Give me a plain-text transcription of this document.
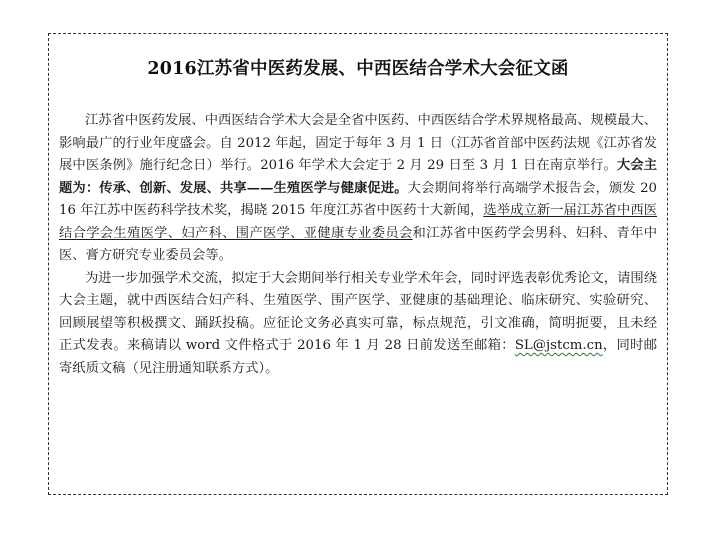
2016江苏省中医药发展、中西医结合学术大会征文函

江苏省中医药发展、中西医结合学术大会是全省中医药、中西医结合学术界规格最高、规模最大、影响最广的行业年度盛会。自 2012 年起，固定于每年 3 月 1 日（江苏省首部中医药法规《江苏省发展中医条例》施行纪念日）举行。2016 年学术大会定于 2 月 29 日至 3 月 1 日在南京举行。大会主题为：传承、创新、发展、共享——生殖医学与健康促进。大会期间将举行高端学术报告会，颁发 2016 年江苏中医药科学技术奖，揭晓 2015 年度江苏省中医药十大新闻，选举成立新一届江苏省中西医结合学会生殖医学、妇产科、围产医学、亚健康专业委员会和江苏省中医药学会男科、妇科、青年中医、膏方研究专业委员会等。

为进一步加强学术交流，拟定于大会期间举行相关专业学术年会，同时评选表彰优秀论文，请围绕大会主题，就中西医结合妇产科、生殖医学、围产医学、亚健康的基础理论、临床研究、实验研究、回顾展望等积极撰文、踊跃投稿。应征论文务必真实可靠，标点规范，引文准确，简明扼要，且未经正式发表。来稿请以 word 文件格式于 2016 年 1 月 28 日前发送至邮箱：SL@jstcm.cn，同时邮寄纸质文稿（见注册通知联系方式）。
